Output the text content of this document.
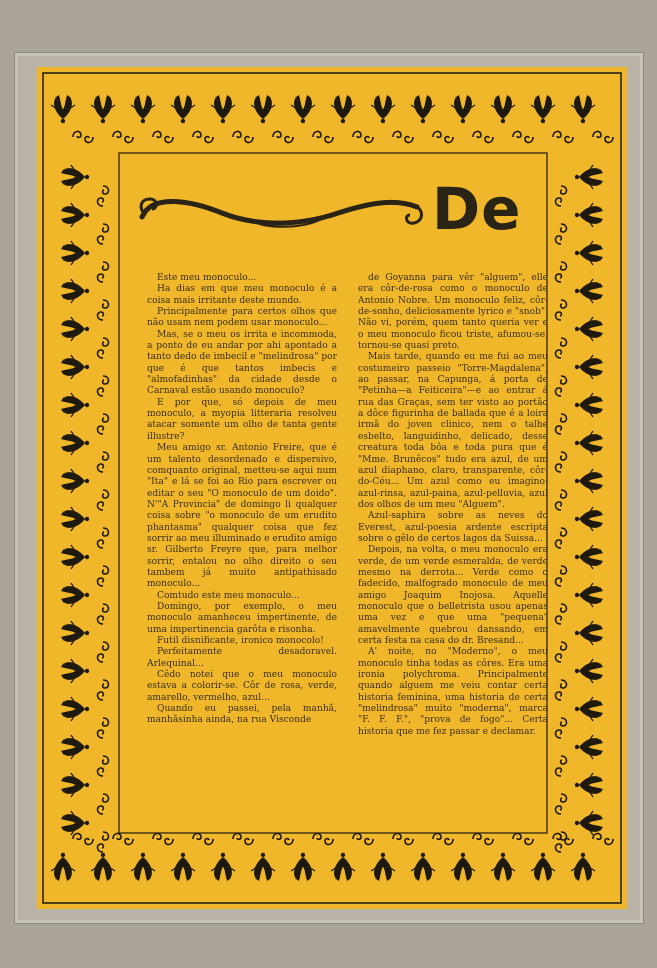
De

Este meu monoculo...

Ha dias em que meu monoculo é a coisa mais irritante deste mundo.

Principalmente para certos olhos que não usam nem podem usar monoculo...

Mas, se o meu os irrita e incommoda, a ponto de eu andar por ahi apontado a tanto dedo de imbecil e "melindrosa" por que é que tantos imbecis e "almofadinhas" da cidade desde o Carnaval estão usando monoculo?

E por que, só depois de meu monoculo, a myopia litteraria resolveu atacar somente um olho de tanta gente illustre?

Meu amigo sr. Antonio Freire, que é um talento desordenado e dispersivo, comquanto original, metteu-se aqui num "Ita" e lá se foi ao Rio para escrever ou editar o seu "O monoculo de um doido". N'"A Provincia" de domingo li qualquer coisa sobre "o monoculo de um erudito phantasma" qualquer coisa que fez sorrir ao meu illuminado e erudito amigo sr. Gilberto Freyre que, para melhor sorrir, entalou no olho direito o seu tambem já muito antipathisado monoculo...

Comtudo este meu monoculo...

Domingo, por exemplo, o meu monoculo amanheceu impertinente, de uma impertinencia garôta e risonha.

Futil disnificante, ironico monocolo!

Perfeitamente desadoravel. Arlequinal...

Cêdo notei que o meu monoculo estava a colorir-se. Côr de rosa, verde, amarello, vermelho, azul...

Quando eu passei, pela manhã, manhãsinha ainda, na rua Visconde

de Goyanna para vêr "alguem", elle era côr-de-rosa como o monoculo de Antonio Nobre. Um monoculo feliz, côr-de-sonho, deliciosamente lyrico e "snob". Não vi, porém, quem tanto queria ver e o meu monoculo ficou triste, afumou-se, tornou-se quasi preto.

Mais tarde, quando eu me fui ao meu costumeiro passeio "Torre-Magdalena", ao passar, na Capunga, á porta de "Petinha—a Feiticeira"—e ao entrar á rua das Graças, sem ter visto ao portão a dôce figurinha de ballada que é a loira irmã do joven clinico, nem o talhe esbelto, languidinho, delicado, desse creatura toda bôa e toda pura que é "Mme. Brunêcos" tudo era azul, de um azul diaphano, claro, transparente, côr-do-Céu... Um azul como eu imagino: azul-rinsa, azul-paina, azul-pelluvia, azul dos olhos de um meu "Alguem".

Azul-saphira sobre as neves do Everest, azul-poesia ardente escripta sobre o gêlo de certos lagos da Suissa...

Depois, na volta, o meu monoculo era verde, de um verde esmeralda, de verde mesmo na derrota... Verde como o fadecido, malfogrado monoculo de meu amigo Joaquim Inojosa. Aquelle monoculo que o belletrista usou apenas uma vez e que uma "pequena" amavelmente quebrou dansando, em certa festa na casa do dr. Bresand...

A' noite, no "Moderno", o meu monoculo tinha todas as côres. Era uma ironia polychroma. Principalmente quando alguem me veiu contar certa historia feminina, uma historia de certa "melindrosa" muito "moderna", marca "F. F. F.", "prova de fogo"... Certa historia que me fez passar e declamar.
